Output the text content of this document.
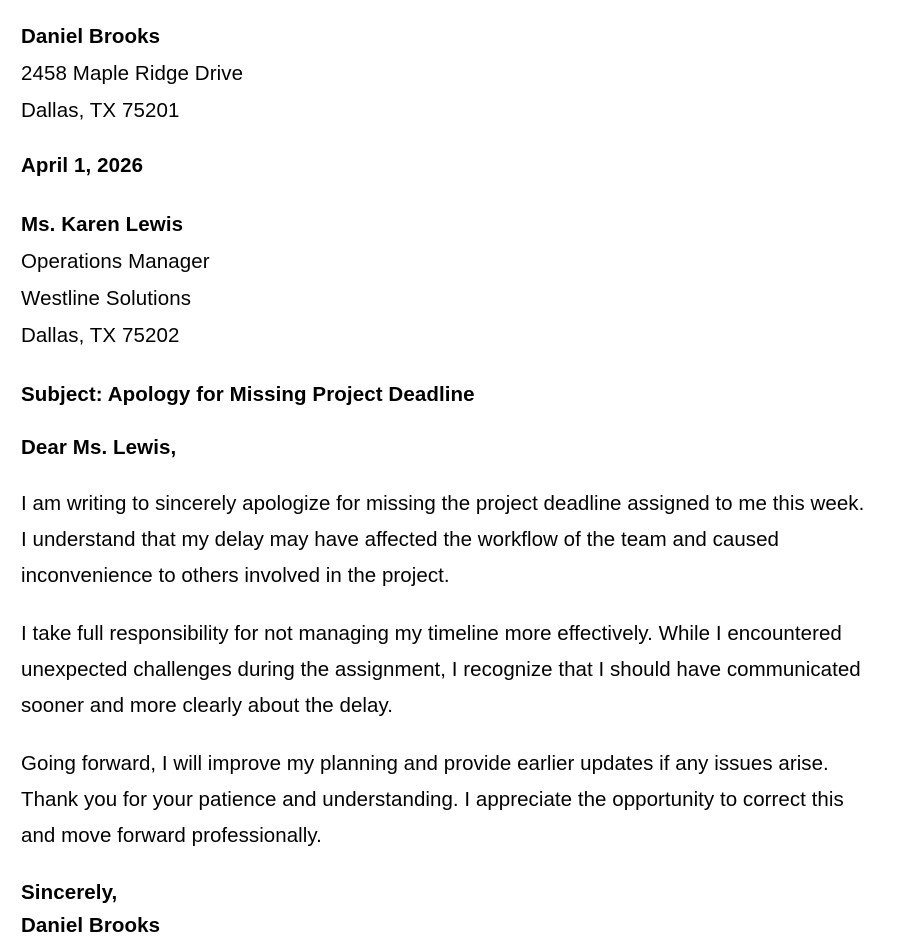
Daniel Brooks
2458 Maple Ridge Drive
Dallas, TX 75201
April 1, 2026
Ms. Karen Lewis
Operations Manager
Westline Solutions
Dallas, TX 75202
Subject: Apology for Missing Project Deadline
Dear Ms. Lewis,

I am writing to sincerely apologize for missing the project deadline assigned to me this week. I understand that my delay may have affected the workflow of the team and caused inconvenience to others involved in the project.

I take full responsibility for not managing my timeline more effectively. While I encountered unexpected challenges during the assignment, I recognize that I should have communicated sooner and more clearly about the delay.

Going forward, I will improve my planning and provide earlier updates if any issues arise. Thank you for your patience and understanding. I appreciate the opportunity to correct this and move forward professionally.

Sincerely,
Daniel Brooks
